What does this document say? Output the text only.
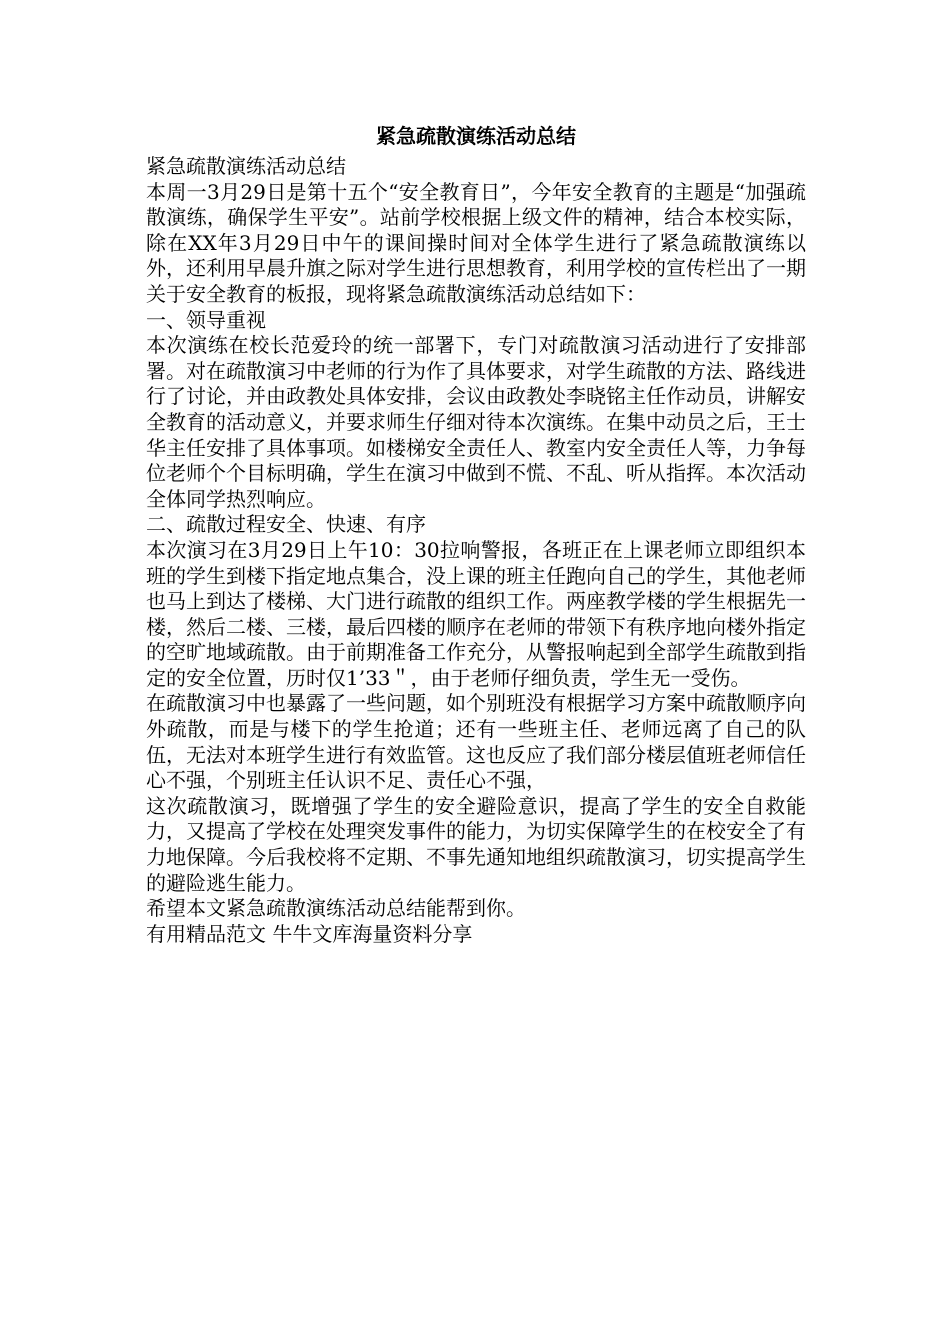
紧急疏散演练活动总结

紧急疏散演练活动总结

本周一3月29日是第十五个“安全教育日”，今年安全教育的主题是“加强疏散演练，确保学生平安”。站前学校根据上级文件的精神，结合本校实际，除在XX年3月29日中午的课间操时间对全体学生进行了紧急疏散演练以外，还利用早晨升旗之际对学生进行思想教育，利用学校的宣传栏出了一期关于安全教育的板报，现将紧急疏散演练活动总结如下：

一、领导重视

本次演练在校长范爱玲的统一部署下，专门对疏散演习活动进行了安排部署。对在疏散演习中老师的行为作了具体要求，对学生疏散的方法、路线进行了讨论，并由政教处具体安排，会议由政教处李晓铭主任作动员，讲解安全教育的活动意义，并要求师生仔细对待本次演练。在集中动员之后，王士华主任安排了具体事项。如楼梯安全责任人、教室内安全责任人等，力争每位老师个个目标明确，学生在演习中做到不慌、不乱、听从指挥。本次活动全体同学热烈响应。

二、疏散过程安全、快速、有序

本次演习在3月29日上午10：30拉响警报，各班正在上课老师立即组织本班的学生到楼下指定地点集合，没上课的班主任跑向自己的学生，其他老师也马上到达了楼梯、大门进行疏散的组织工作。两座教学楼的学生根据先一楼，然后二楼、三楼，最后四楼的顺序在老师的带领下有秩序地向楼外指定的空旷地域疏散。由于前期准备工作充分，从警报响起到全部学生疏散到指定的安全位置，历时仅1’33＂，由于老师仔细负责，学生无一受伤。

在疏散演习中也暴露了一些问题，如个别班没有根据学习方案中疏散顺序向外疏散，而是与楼下的学生抢道；还有一些班主任、老师远离了自己的队伍，无法对本班学生进行有效监管。这也反应了我们部分楼层值班老师信任心不强，个别班主任认识不足、责任心不强，

这次疏散演习，既增强了学生的安全避险意识，提高了学生的安全自救能力，又提高了学校在处理突发事件的能力，为切实保障学生的在校安全了有力地保障。今后我校将不定期、不事先通知地组织疏散演习，切实提高学生的避险逃生能力。

希望本文紧急疏散演练活动总结能帮到你。

有用精品范文 牛牛文库海量资料分享
